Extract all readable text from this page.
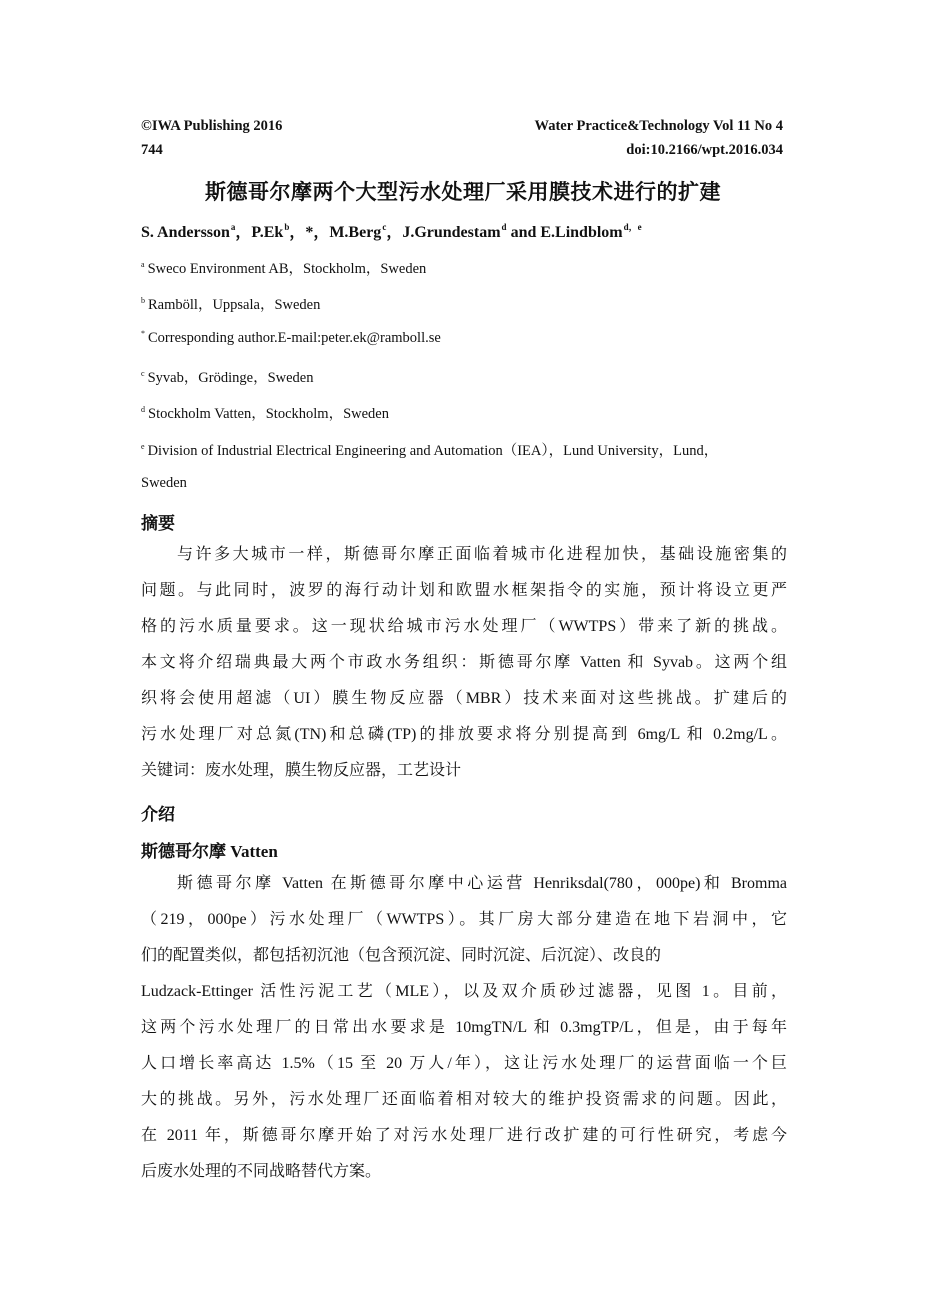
©IWA Publishing 2016	Water Practice&Technology Vol 11 No 4
744	doi:10.2166/wpt.2016.034
斯德哥尔摩两个大型污水处理厂采用膜技术进行的扩建
S. Andersson$^a$，P.Ek$^b$，*，M.Berg$^c$，J.Grundestam$^d$ and E.Lindblom$^{d,e}$
$^a$ Sweco Environment AB，Stockholm，Sweden
$^b$ Ramböll，Uppsala，Sweden
* Corresponding author.E-mail:peter.ek@ramboll.se
$^c$ Syvab，Grödinge，Sweden
$^d$ Stockholm Vatten，Stockholm，Sweden
$^e$ Division of Industrial Electrical Engineering and Automation（IEA），Lund University，Lund，
Sweden
摘要
与许多大城市一样，斯德哥尔摩正面临着城市化进程加快，基础设施密集的
问题。与此同时，波罗的海行动计划和欧盟水框架指令的实施，预计将设立更严
格的污水质量要求。这一现状给城市污水处理厂（WWTPS）带来了新的挑战。
本文将介绍瑞典最大两个市政水务组织：斯德哥尔摩 Vatten 和 Syvab。这两个组
织将会使用超滤（UI）膜生物反应器（MBR）技术来面对这些挑战。扩建后的
污水处理厂对总氮(TN)和总磷(TP)的排放要求将分别提高到 6mg/L 和 0.2mg/L。
关键词：废水处理，膜生物反应器，工艺设计
介绍
斯德哥尔摩 Vatten
斯德哥尔摩 Vatten 在斯德哥尔摩中心运营 Henriksdal(780，000pe)和 Bromma
（219，000pe）污水处理厂（WWTPS）。其厂房大部分建造在地下岩洞中，它
们的配置类似，都包括初沉池（包含预沉淀、同时沉淀、后沉淀）、改良的
Ludzack-Ettinger 活性污泥工艺（MLE），以及双介质砂过滤器，见图 1。目前，
这两个污水处理厂的日常出水要求是 10mgTN/L 和 0.3mgTP/L，但是，由于每年
人口增长率高达 1.5%（15 至 20 万人/年），这让污水处理厂的运营面临一个巨
大的挑战。另外，污水处理厂还面临着相对较大的维护投资需求的问题。因此，
在 2011 年，斯德哥尔摩开始了对污水处理厂进行改扩建的可行性研究，考虑今
后废水处理的不同战略替代方案。
